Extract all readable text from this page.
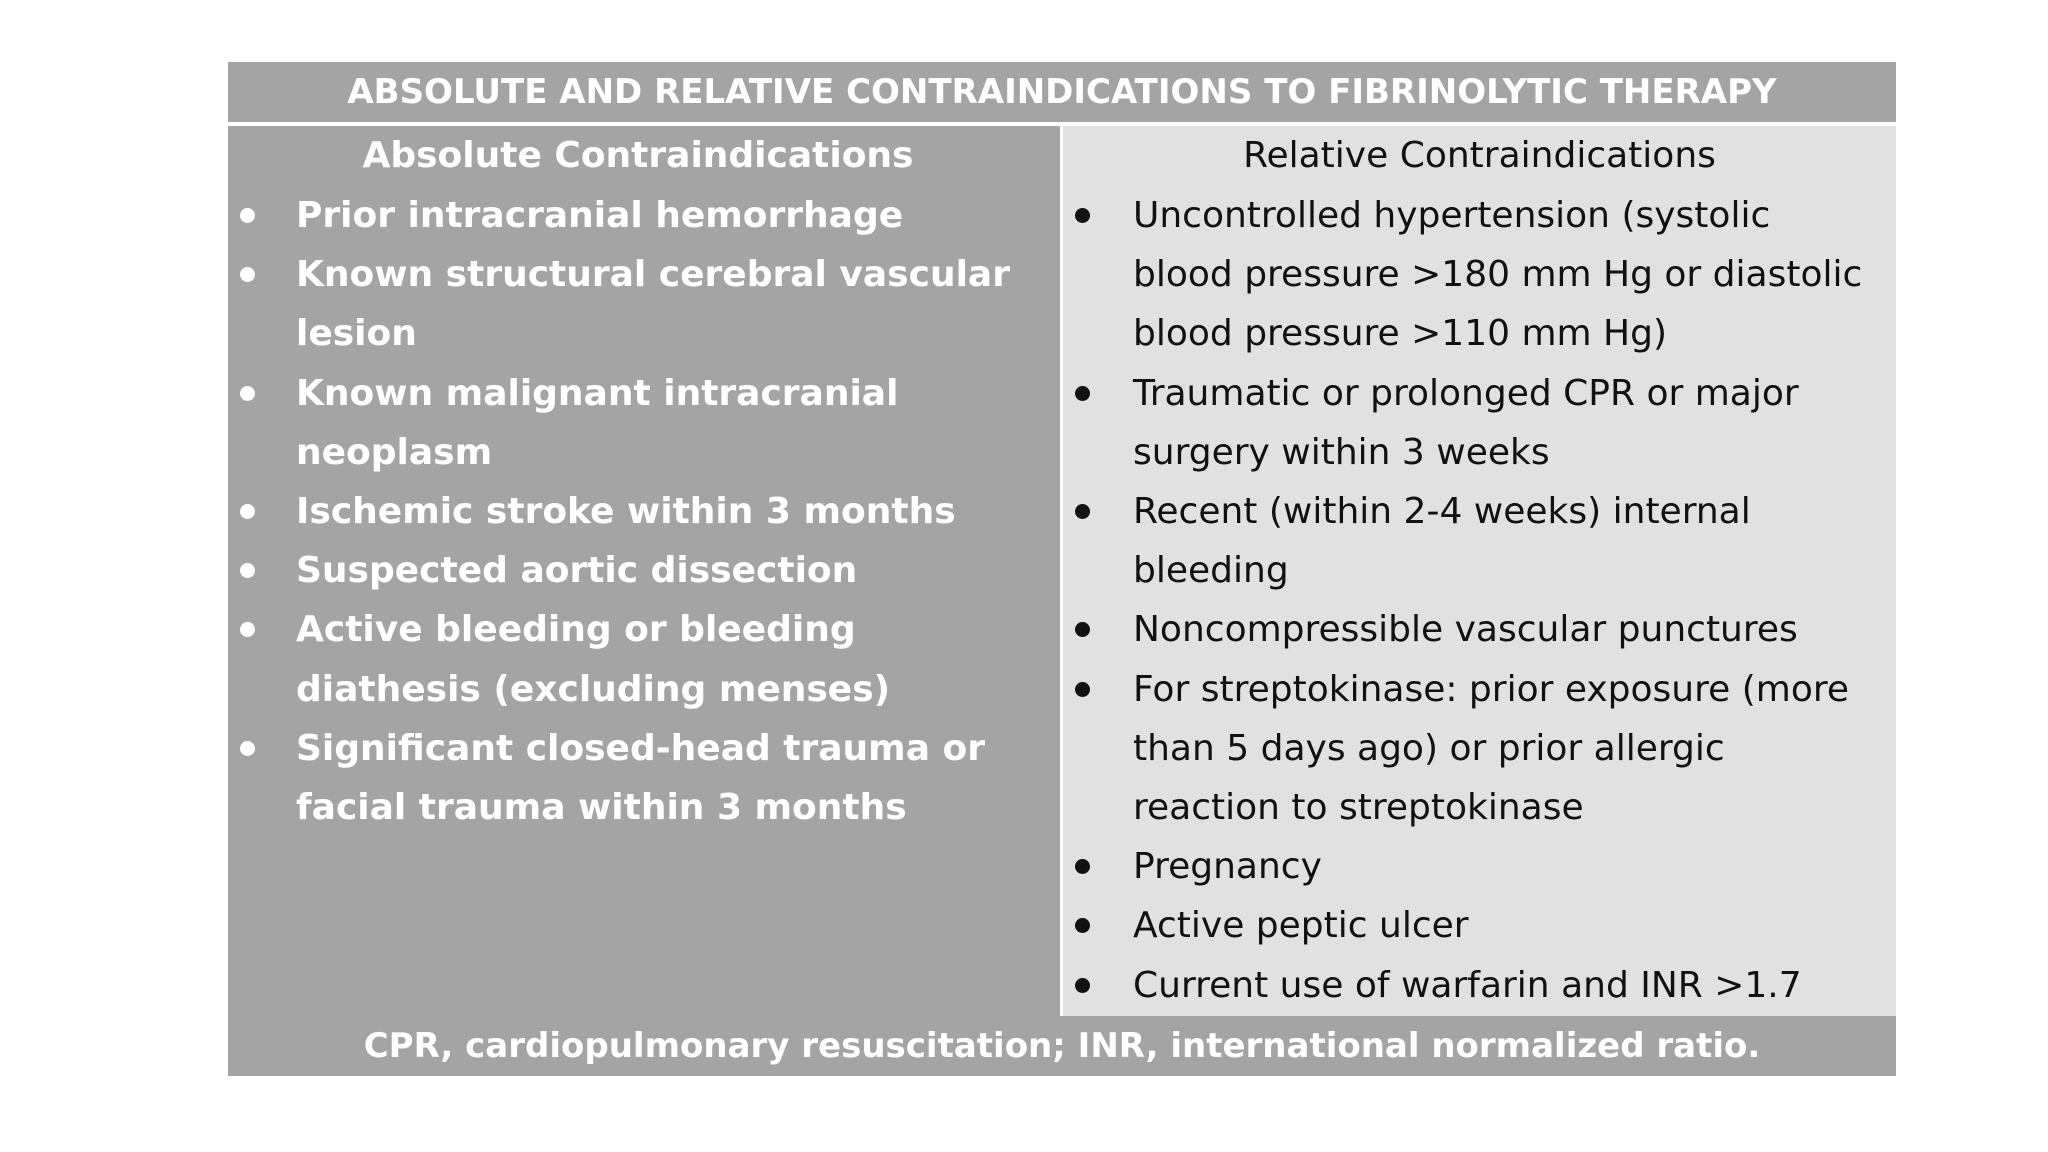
ABSOLUTE AND RELATIVE CONTRAINDICATIONS TO FIBRINOLYTIC THERAPY
Absolute Contraindications
Prior intracranial hemorrhage
Known structural cerebral vascular lesion
Known malignant intracranial neoplasm
Ischemic stroke within 3 months
Suspected aortic dissection
Active bleeding or bleeding diathesis (excluding menses)
Significant closed-head trauma or facial trauma within 3 months
Relative Contraindications
Uncontrolled hypertension (systolic blood pressure >180 mm Hg or diastolic blood pressure >110 mm Hg)
Traumatic or prolonged CPR or major surgery within 3 weeks
Recent (within 2-4 weeks) internal bleeding
Noncompressible vascular punctures
For streptokinase: prior exposure (more than 5 days ago) or prior allergic reaction to streptokinase
Pregnancy
Active peptic ulcer
Current use of warfarin and INR >1.7
CPR, cardiopulmonary resuscitation; INR, international normalized ratio.
